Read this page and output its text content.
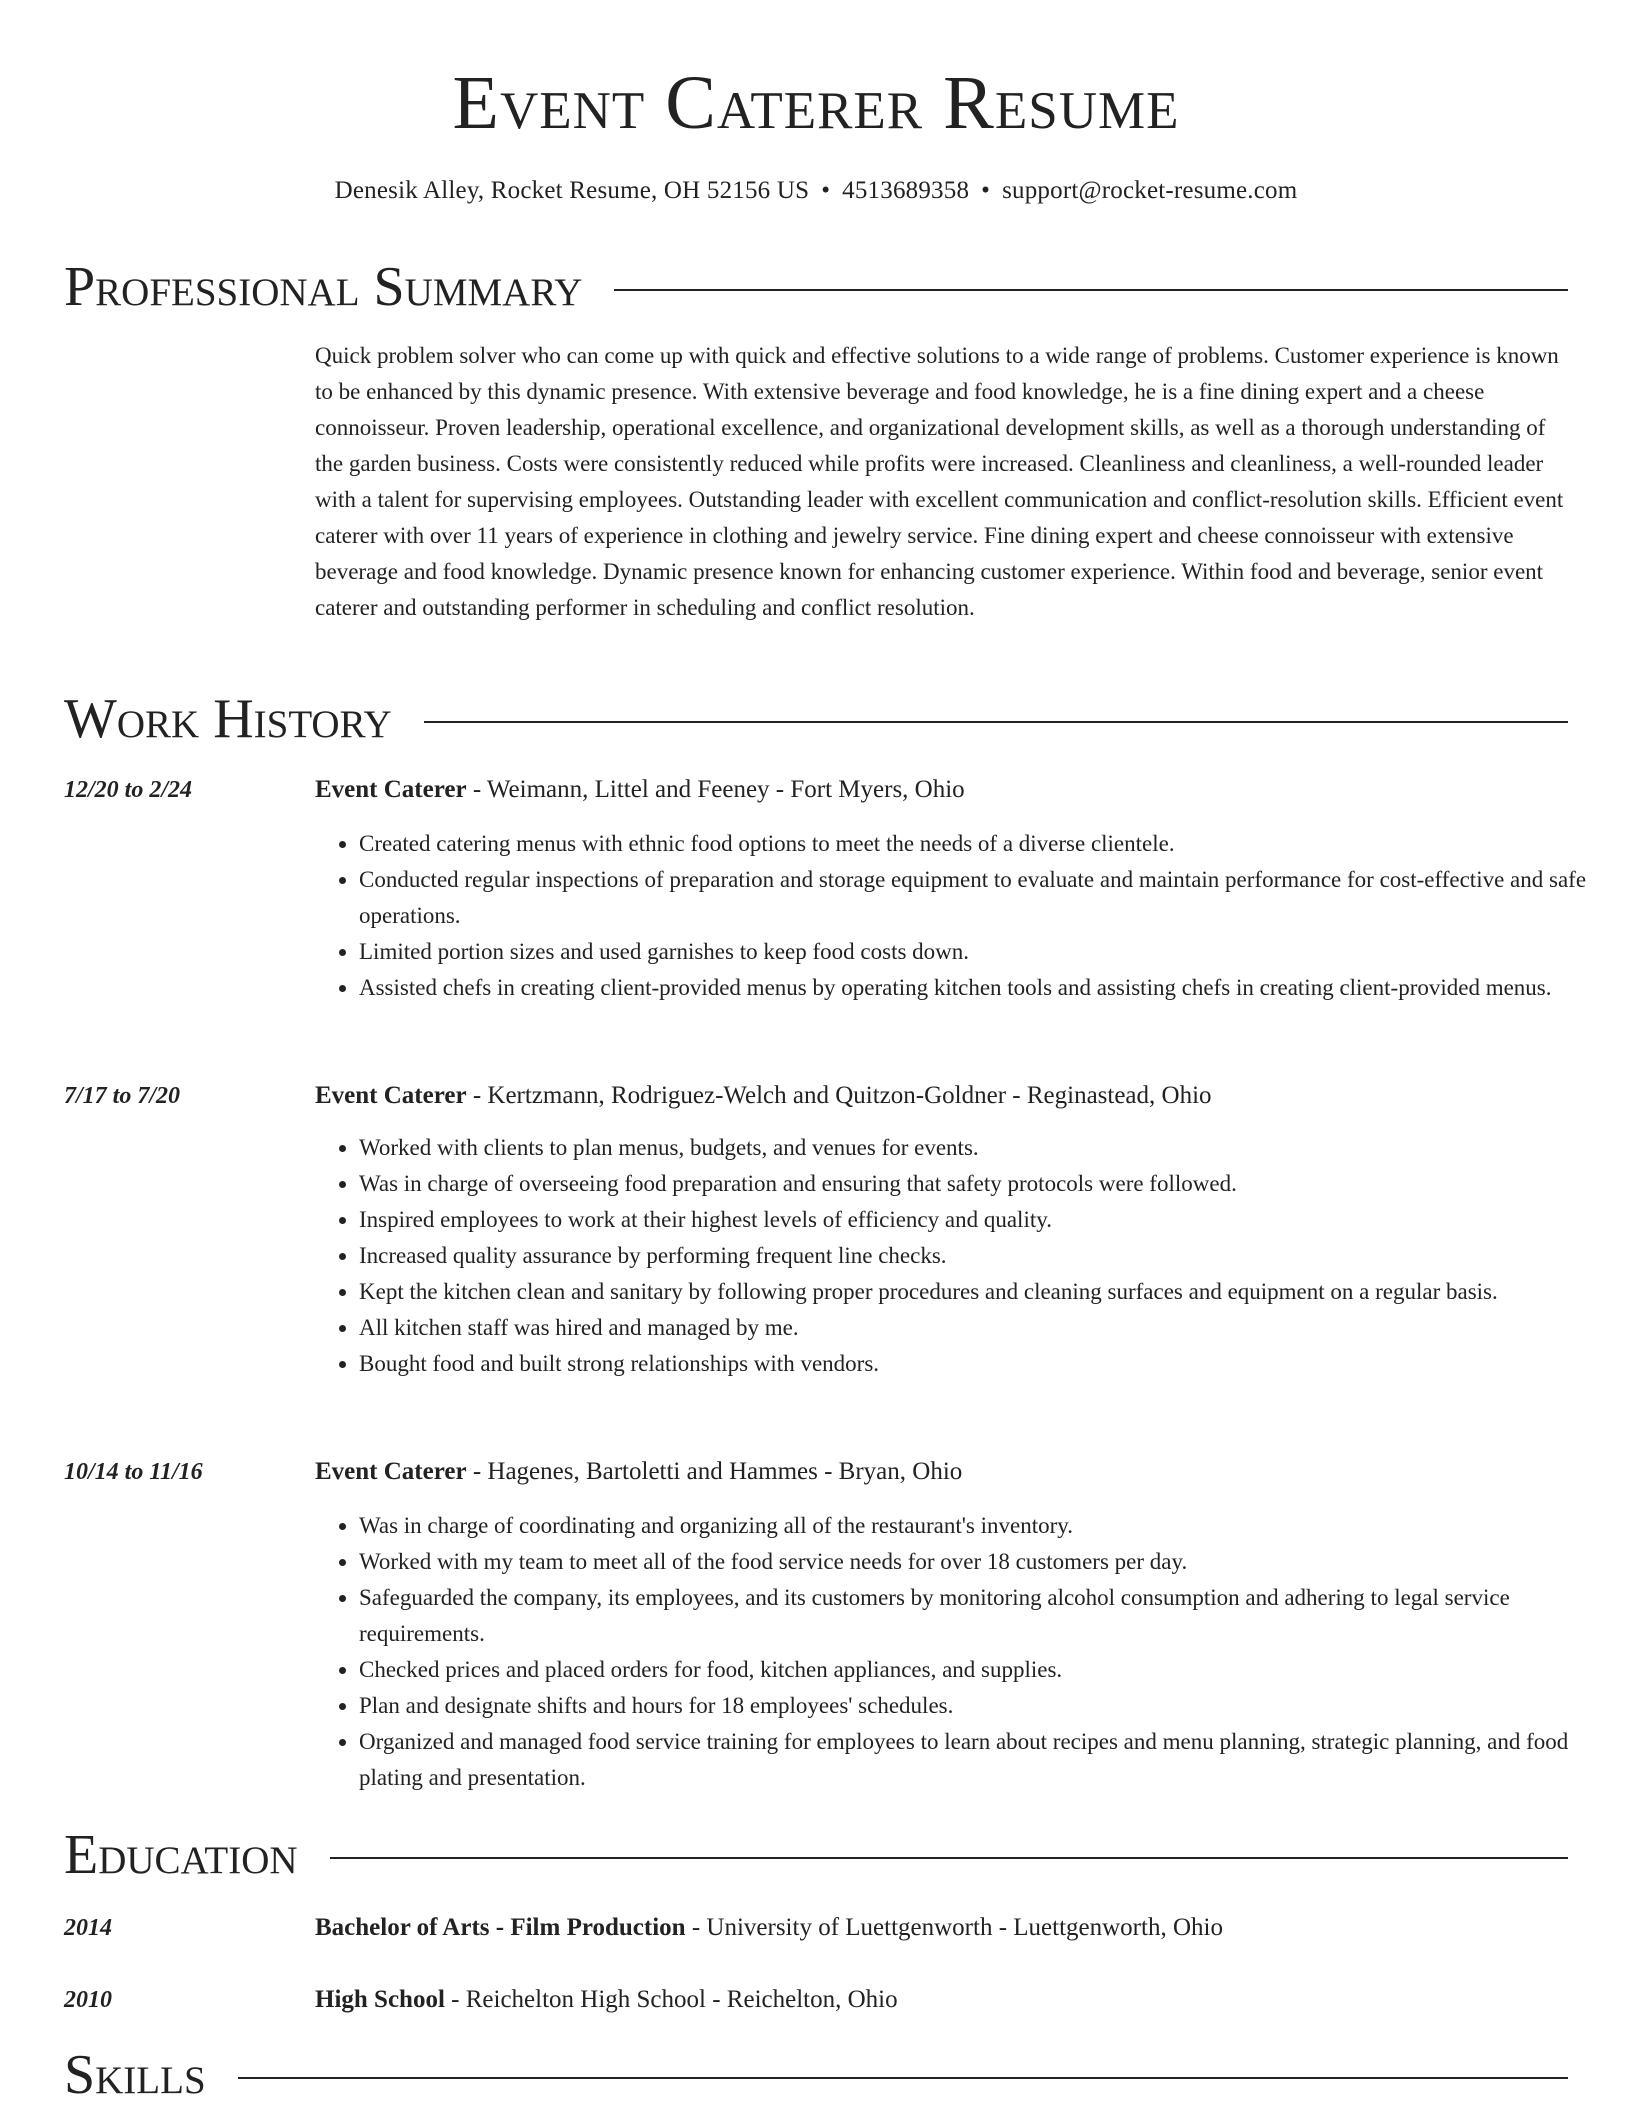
Event Caterer Resume
Denesik Alley, Rocket Resume, OH 52156 US • 4513689358 • support@rocket-resume.com
Professional Summary

Quick problem solver who can come up with quick and effective solutions to a wide range of problems. Customer experience is known to be enhanced by this dynamic presence. With extensive beverage and food knowledge, he is a fine dining expert and a cheese connoisseur. Proven leadership, operational excellence, and organizational development skills, as well as a thorough understanding of the garden business. Costs were consistently reduced while profits were increased. Cleanliness and cleanliness, a well-rounded leader with a talent for supervising employees. Outstanding leader with excellent communication and conflict-resolution skills. Efficient event caterer with over 11 years of experience in clothing and jewelry service. Fine dining expert and cheese connoisseur with extensive beverage and food knowledge. Dynamic presence known for enhancing customer experience. Within food and beverage, senior event caterer and outstanding performer in scheduling and conflict resolution.

Work History
12/20 to 2/24	Event Caterer - Weimann, Littel and Feeney - Fort Myers, Ohio
• Created catering menus with ethnic food options to meet the needs of a diverse clientele.
• Conducted regular inspections of preparation and storage equipment to evaluate and maintain performance for cost-effective and safe operations.
• Limited portion sizes and used garnishes to keep food costs down.
• Assisted chefs in creating client-provided menus by operating kitchen tools and assisting chefs in creating client-provided menus.
7/17 to 7/20	Event Caterer - Kertzmann, Rodriguez-Welch and Quitzon-Goldner - Reginastead, Ohio
• Worked with clients to plan menus, budgets, and venues for events.
• Was in charge of overseeing food preparation and ensuring that safety protocols were followed.
• Inspired employees to work at their highest levels of efficiency and quality.
• Increased quality assurance by performing frequent line checks.
• Kept the kitchen clean and sanitary by following proper procedures and cleaning surfaces and equipment on a regular basis.
• All kitchen staff was hired and managed by me.
• Bought food and built strong relationships with vendors.
10/14 to 11/16	Event Caterer - Hagenes, Bartoletti and Hammes - Bryan, Ohio
• Was in charge of coordinating and organizing all of the restaurant's inventory.
• Worked with my team to meet all of the food service needs for over 18 customers per day.
• Safeguarded the company, its employees, and its customers by monitoring alcohol consumption and adhering to legal service requirements.
• Checked prices and placed orders for food, kitchen appliances, and supplies.
• Plan and designate shifts and hours for 18 employees' schedules.
• Organized and managed food service training for employees to learn about recipes and menu planning, strategic planning, and food plating and presentation.
Education
2014	Bachelor of Arts - Film Production - University of Luettgenworth - Luettgenworth, Ohio
2010	High School - Reichelton High School - Reichelton, Ohio
Skills
